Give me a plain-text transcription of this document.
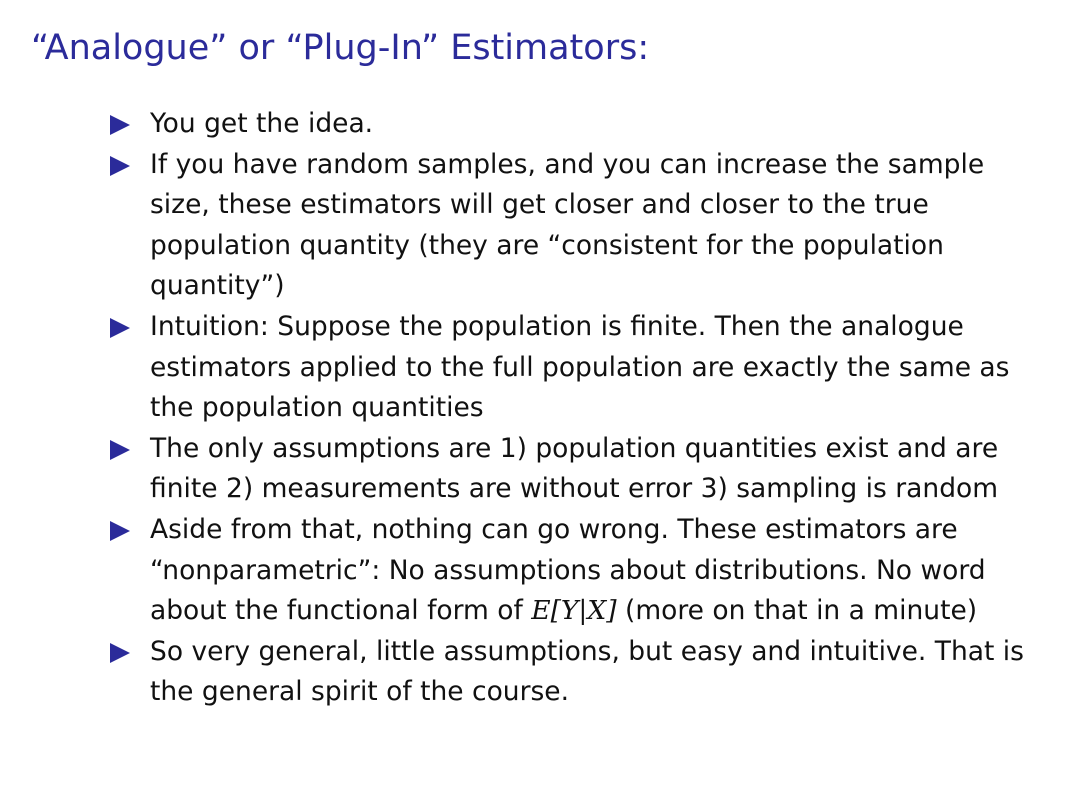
“Analogue” or “Plug-In” Estimators:
You get the idea.
If you have random samples, and you can increase the sample size, these estimators will get closer and closer to the true population quantity (they are “consistent for the population quantity”)
Intuition: Suppose the population is finite. Then the analogue estimators applied to the full population are exactly the same as the population quantities
The only assumptions are 1) population quantities exist and are finite 2) measurements are without error 3) sampling is random
Aside from that, nothing can go wrong. These estimators are “nonparametric”: No assumptions about distributions. No word about the functional form of E[Y|X] (more on that in a minute)
So very general, little assumptions, but easy and intuitive. That is the general spirit of the course.
